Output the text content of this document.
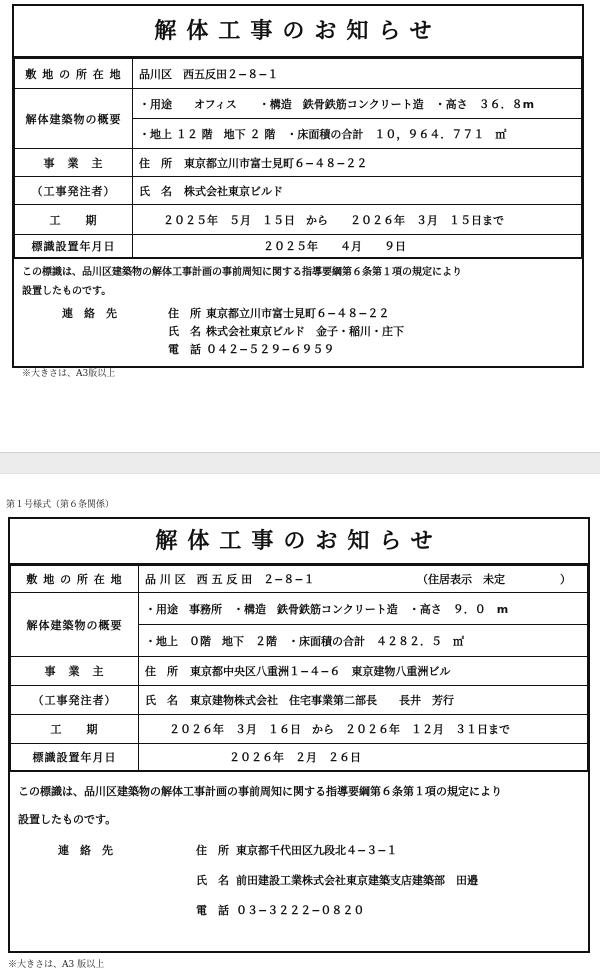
解体工事のお知らせ
敷 地 の 所 在 地	品川区　西五反田２−８−１
解体建築物の概要	・用途　　オフィス　　・構造　鉄骨鉄筋コンクリート造　・高さ　３６．８m
	・地上 １２ 階　地下 ２ 階　・床面積の合計　１０，９６４．７７１　㎡
事　業　主	住　所 東京都立川市富士見町６−４８−２２

（工事発注者）	氏　名 株式会社東京ビルド

工　　期	２０２５年　５月　１５日　から　　２０２６年　３月　１５日まで
標識設置年月日	２０２５年　　４月　　９日
この標識は、品川区建築物の解体工事計画の事前周知に関する指導要綱第６条第１項の規定により
設置したものです。
連　絡　先	住　所 東京都立川市富士見町６−４８−２２
氏　名 株式会社東京ビルド　金子・稲川・庄下
電　話 ０４２−５２９−６９５９
※大きさは、A3版以上
第１号様式（第６条関係）
解体工事のお知らせ
敷 地 の 所 在 地	品 川 区　西 五 反 田　２−８−１ （住居表示　未定　　　　　）

解体建築物の概要	・用途　事務所　・構造　鉄骨鉄筋コンクリート造　・高さ　９．０　m
	・地上　０階　地下　２階　・床面積の合計　４２８２．５　㎡
事　業　主	住　所 東京都中央区八重洲１−４−６　東京建物八重洲ビル

（工事発注者）	氏　名 東京建物株式会社　住宅事業第二部長　　長井　芳行

工　　期	２０２６年　３月　１６日　から　２０２６年　１２月　３１日まで
標識設置年月日	２０２６年　２月　２６日
この標識は、品川区建築物の解体工事計画の事前周知に関する指導要綱第６条第１項の規定により
設置したものです。
連　絡　先	住　所 東京都千代田区九段北４−３−１
氏　名 前田建設工業株式会社東京建築支店建築部　田邉
電　話 ０３−３２２２−０８２０
※大きさは、A3 版以上
